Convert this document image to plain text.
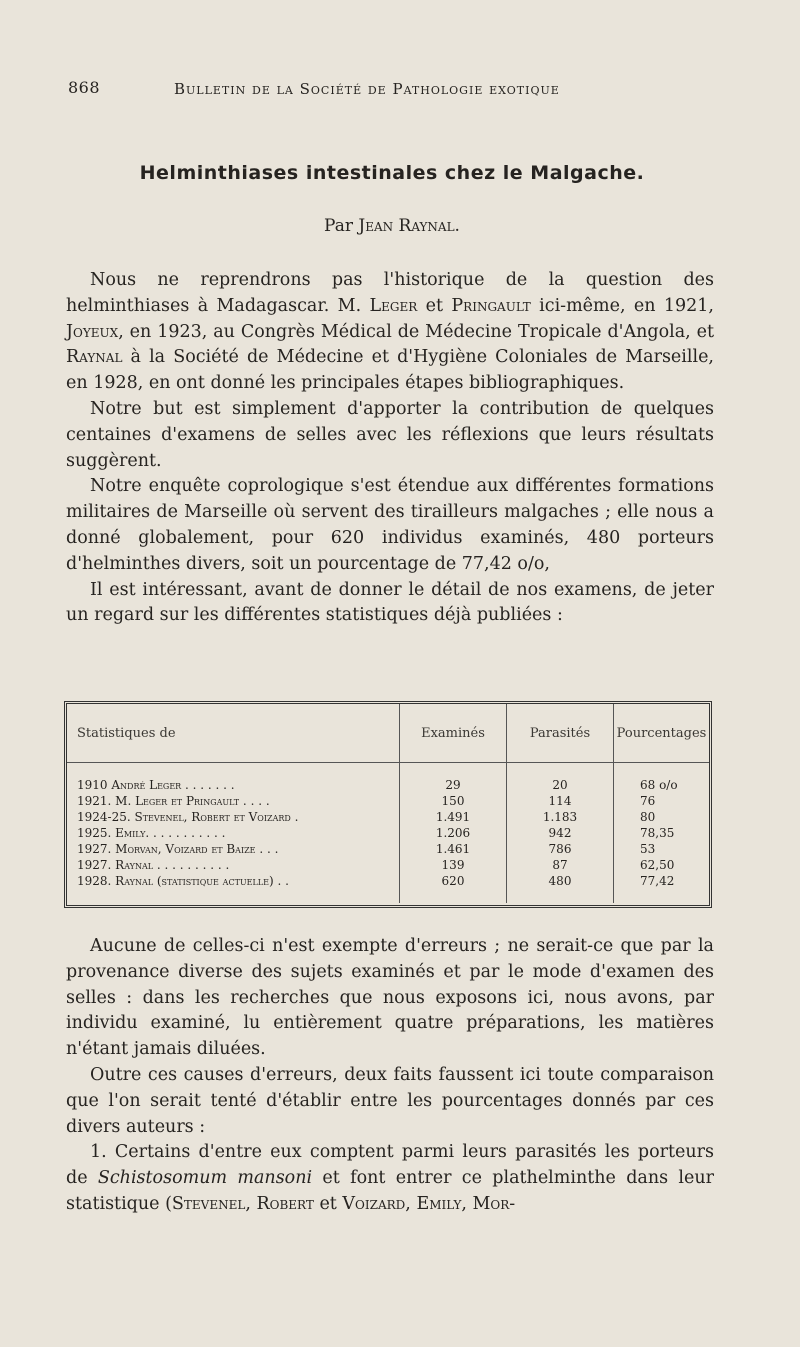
868	Bulletin de la Société de Pathologie exotique
Helminthiases intestinales chez le Malgache.
Par Jean Raynal.

Nous ne reprendrons pas l'historique de la question des helminthiases à Madagascar. M. Leger et Pringault ici-même, en 1921, Joyeux, en 1923, au Congrès Médical de Médecine Tropicale d'Angola, et Raynal à la Société de Médecine et d'Hygiène Coloniales de Marseille, en 1928, en ont donné les principales étapes bibliographiques.

Notre but est simplement d'apporter la contribution de quelques centaines d'examens de selles avec les réflexions que leurs résultats suggèrent.

Notre enquête coprologique s'est étendue aux différentes formations militaires de Marseille où servent des tirailleurs malgaches ; elle nous a donné globalement, pour 620 individus examinés, 480 porteurs d'helminthes divers, soit un pourcentage de 77,42 o/o,

Il est intéressant, avant de donner le détail de nos examens, de jeter un regard sur les différentes statistiques déjà publiées :

Statistiques de	Examinés	Parasités	Pourcentages
1910 André Leger . . . . . . .	29	20	68 o/o
1921. M. Leger et Pringault . . . .	150	114	76
1924-25. Stevenel, Robert et Voizard .	1.491	1.183	80
1925. Emily. . . . . . . . . . .	1.206	942	78,35
1927. Morvan, Voizard et Baize . . .	1.461	786	53
1927. Raynal . . . . . . . . . .	139	87	62,50
1928. Raynal (statistique actuelle) . .	620	480	77,42

Aucune de celles-ci n'est exempte d'erreurs ; ne serait-ce que par la provenance diverse des sujets examinés et par le mode d'examen des selles : dans les recherches que nous exposons ici, nous avons, par individu examiné, lu entièrement quatre préparations, les matières n'étant jamais diluées.

Outre ces causes d'erreurs, deux faits faussent ici toute comparaison que l'on serait tenté d'établir entre les pourcentages donnés par ces divers auteurs :

1. Certains d'entre eux comptent parmi leurs parasités les porteurs de Schistosomum mansoni et font entrer ce plathelminthe dans leur statistique (Stevenel, Robert et Voizard, Emily, Mor-
